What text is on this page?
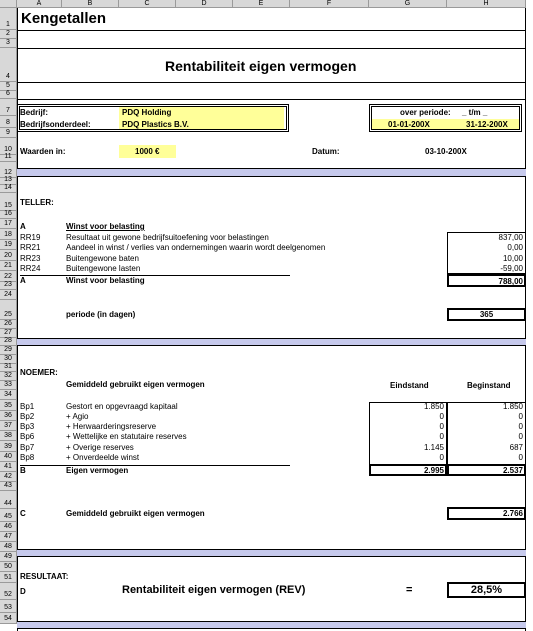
A	B	C	D	E	F	G	H
1
2
3
4
5
6
7
8
9
10
11
12
13
14
15
16
17
18
19
20
21
22
23
24
25
26
27
28
29
30
31
32
33
34
35
36
37
38
39
40
41
42
43
44
45
46
47
48
49
50
51
52
53
54
Kengetallen
Rentabiliteit eigen vermogen
Bedrijf:	PDQ Holding
Bedrijfsonderdeel:	PDQ Plastics B.V.
over periode: _ t/m _
01-01-200X	31-12-200X
Waarden in:	1000 €	Datum:	03-10-200X
TELLER:
A	Winst voor belasting
RR19	Resultaat uit gewone bedrijfsuitoefening voor belastingen	837,00
RR21	Aandeel in winst / verlies van ondernemingen waarin wordt deelgenomen	0,00
RR23	Buitengewone baten	10,00
RR24	Buitengewone lasten	-59,00
A	Winst voor belasting	788,00
periode (in dagen)	365
NOEMER:
Gemiddeld gebruikt eigen vermogen	Eindstand	Beginstand
Bp1	Gestort en opgevraagd kapitaal	1.850	1.850
Bp2	+ Agio	0	0
Bp3	+ Herwaarderingsreserve	0	0
Bp6	+ Wettelijke en statutaire reserves	0	0
Bp7	+ Overige reserves	1.145	687
Bp8	+ Onverdeelde winst	0	0
B	Eigen vermogen	2.995	2.537
C	Gemiddeld gebruikt eigen vermogen	2.766
RESULTAAT:
D	Rentabiliteit eigen vermogen (REV)	=	28,5%
